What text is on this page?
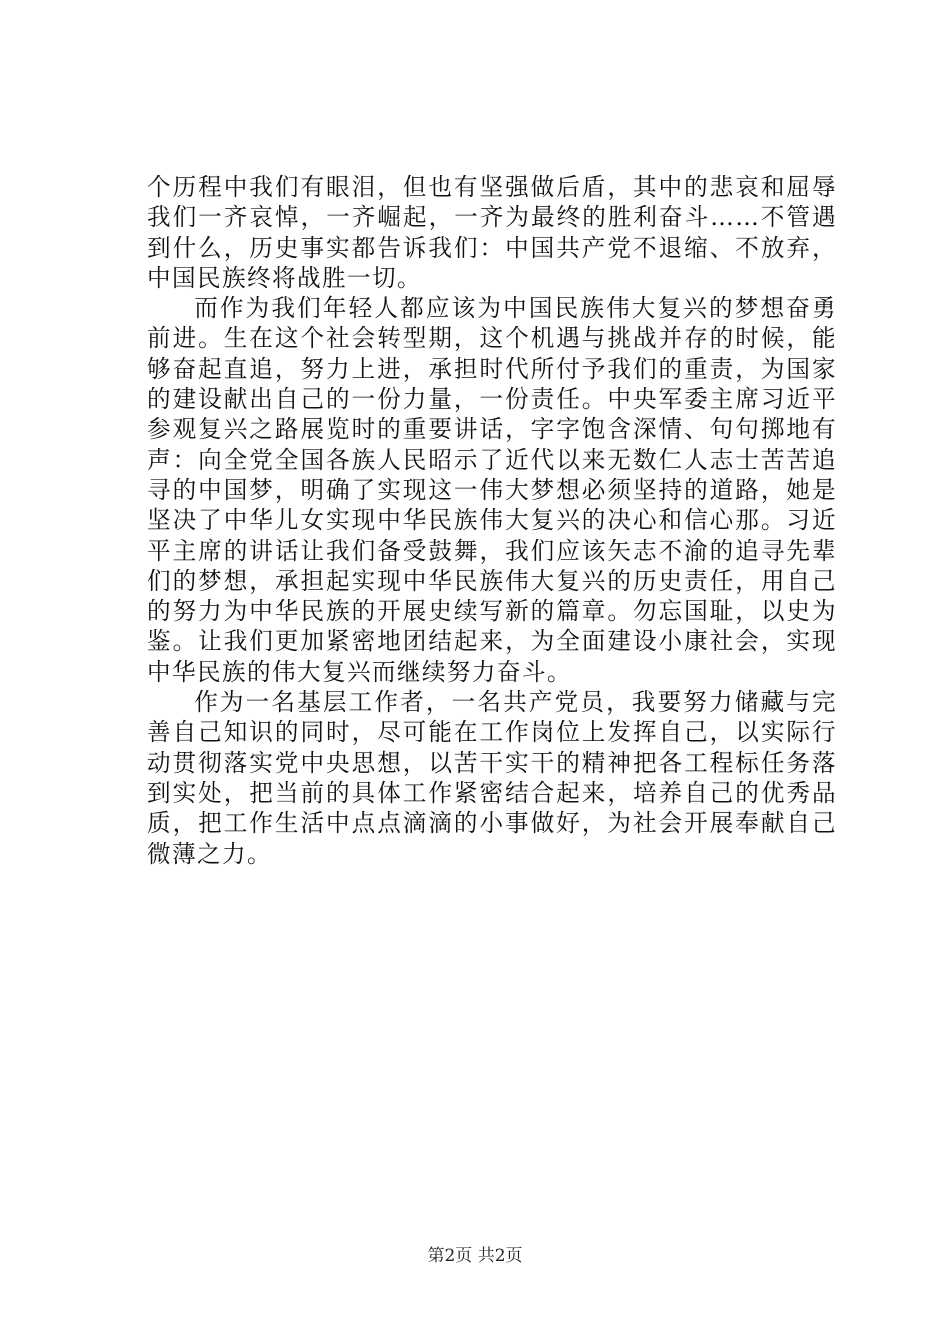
个历程中我们有眼泪，但也有坚强做后盾，其中的悲哀和屈辱我们一齐哀悼，一齐崛起，一齐为最终的胜利奋斗……不管遇到什么，历史事实都告诉我们：中国共产党不退缩、不放弃，中国民族终将战胜一切。

而作为我们年轻人都应该为中国民族伟大复兴的梦想奋勇前进。生在这个社会转型期，这个机遇与挑战并存的时候，能够奋起直追，努力上进，承担时代所付予我们的重责，为国家的建设献出自己的一份力量，一份责任。中央军委主席习近平参观复兴之路展览时的重要讲话，字字饱含深情、句句掷地有声：向全党全国各族人民昭示了近代以来无数仁人志士苦苦追寻的中国梦，明确了实现这一伟大梦想必须坚持的道路，她是坚决了中华儿女实现中华民族伟大复兴的决心和信心那。习近平主席的讲话让我们备受鼓舞，我们应该矢志不渝的追寻先辈们的梦想，承担起实现中华民族伟大复兴的历史责任，用自己的努力为中华民族的开展史续写新的篇章。勿忘国耻，以史为鉴。让我们更加紧密地团结起来，为全面建设小康社会，实现中华民族的伟大复兴而继续努力奋斗。

作为一名基层工作者，一名共产党员，我要努力储藏与完善自己知识的同时，尽可能在工作岗位上发挥自己，以实际行动贯彻落实党中央思想，以苦干实干的精神把各工程标任务落到实处，把当前的具体工作紧密结合起来，培养自己的优秀品质，把工作生活中点点滴滴的小事做好，为社会开展奉献自己微薄之力。

第2页 共2页
